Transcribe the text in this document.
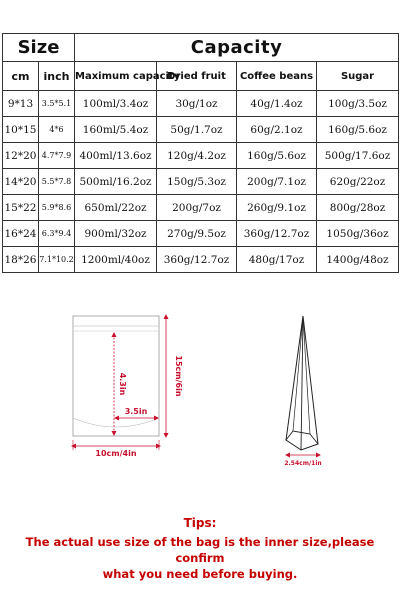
Size		Capacity			
cm	inch	Maximum capacity	Dried fruit	Coffee beans	Sugar
9*13	3.5*5.1	100ml/3.4oz	30g/1oz	40g/1.4oz	100g/3.5oz
10*15	4*6	160ml/5.4oz	50g/1.7oz	60g/2.1oz	160g/5.6oz
12*20	4.7*7.9	400ml/13.6oz	120g/4.2oz	160g/5.6oz	500g/17.6oz
14*20	5.5*7.8	500ml/16.2oz	150g/5.3oz	200g/7.1oz	620g/22oz
15*22	5.9*8.6	650ml/22oz	200g/7oz	260g/9.1oz	800g/28oz
16*24	6.3*9.4	900ml/32oz	270g/9.5oz	360g/12.7oz	1050g/36oz
18*26	7.1*10.2	1200ml/40oz	360g/12.7oz	480g/17oz	1400g/48oz
15cm/6in
4.3in
3.5in
10cm/4in
2.54cm/1in
Tips:
The actual use size of the bag is the inner size,please confirm
what you need before buying.
